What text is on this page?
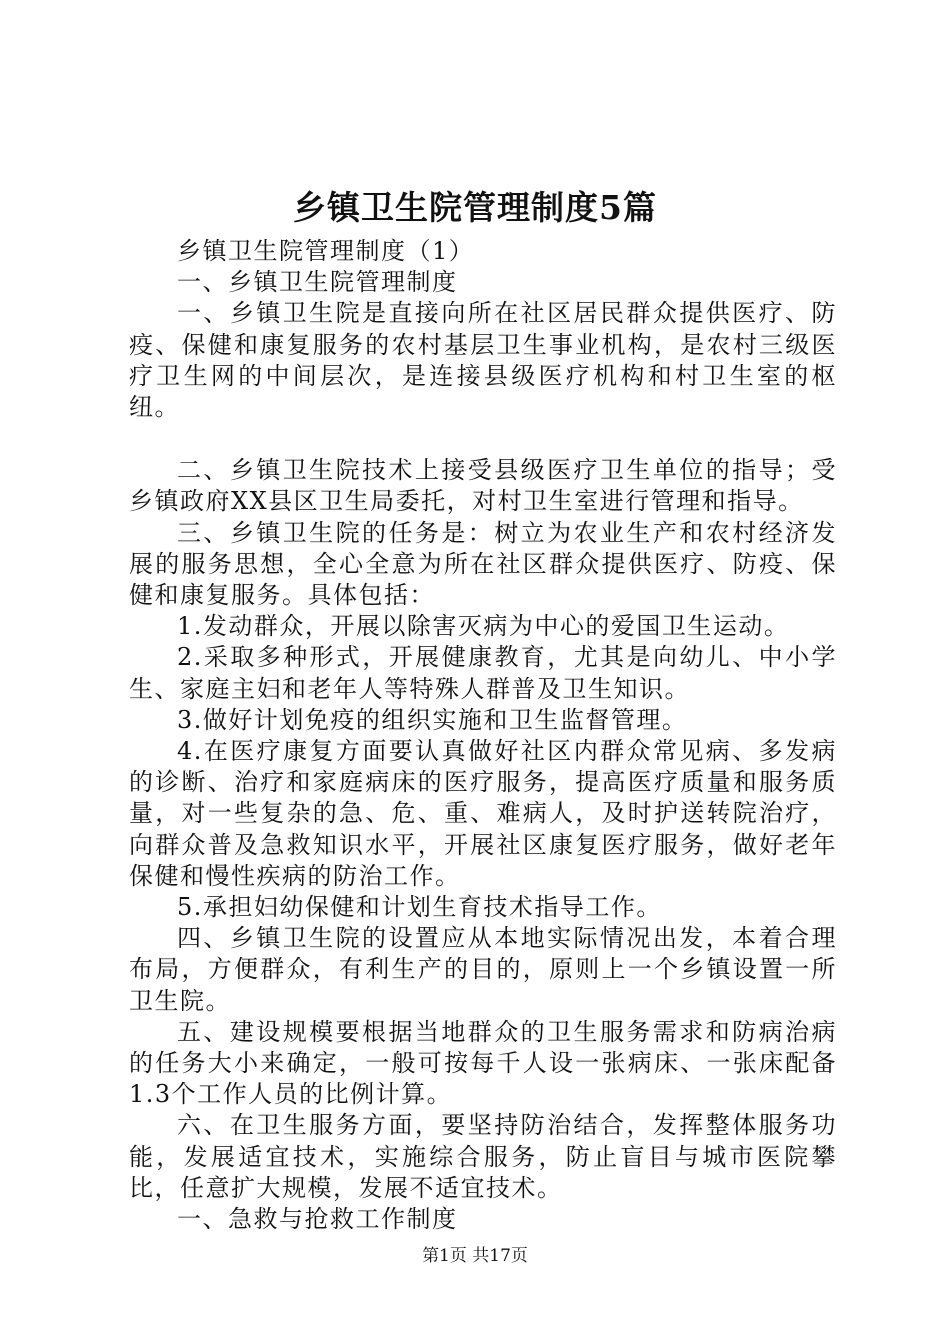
乡镇卫生院管理制度5篇

乡镇卫生院管理制度（1）

一、乡镇卫生院管理制度

一、乡镇卫生院是直接向所在社区居民群众提供医疗、防疫、保健和康复服务的农村基层卫生事业机构，是农村三级医疗卫生网的中间层次，是连接县级医疗机构和村卫生室的枢纽。

二、乡镇卫生院技术上接受县级医疗卫生单位的指导；受乡镇政府XX县区卫生局委托，对村卫生室进行管理和指导。

三、乡镇卫生院的任务是：树立为农业生产和农村经济发展的服务思想，全心全意为所在社区群众提供医疗、防疫、保健和康复服务。具体包括：

1.发动群众，开展以除害灭病为中心的爱国卫生运动。

2.采取多种形式，开展健康教育，尤其是向幼儿、中小学生、家庭主妇和老年人等特殊人群普及卫生知识。

3.做好计划免疫的组织实施和卫生监督管理。

4.在医疗康复方面要认真做好社区内群众常见病、多发病的诊断、治疗和家庭病床的医疗服务，提高医疗质量和服务质量，对一些复杂的急、危、重、难病人，及时护送转院治疗，向群众普及急救知识水平，开展社区康复医疗服务，做好老年保健和慢性疾病的防治工作。

5.承担妇幼保健和计划生育技术指导工作。

四、乡镇卫生院的设置应从本地实际情况出发，本着合理布局，方便群众，有利生产的目的，原则上一个乡镇设置一所卫生院。

五、建设规模要根据当地群众的卫生服务需求和防病治病的任务大小来确定，一般可按每千人设一张病床、一张床配备1.3个工作人员的比例计算。

六、在卫生服务方面，要坚持防治结合，发挥整体服务功能，发展适宜技术，实施综合服务，防止盲目与城市医院攀比，任意扩大规模，发展不适宜技术。

一、急救与抢救工作制度

第1页 共17页
